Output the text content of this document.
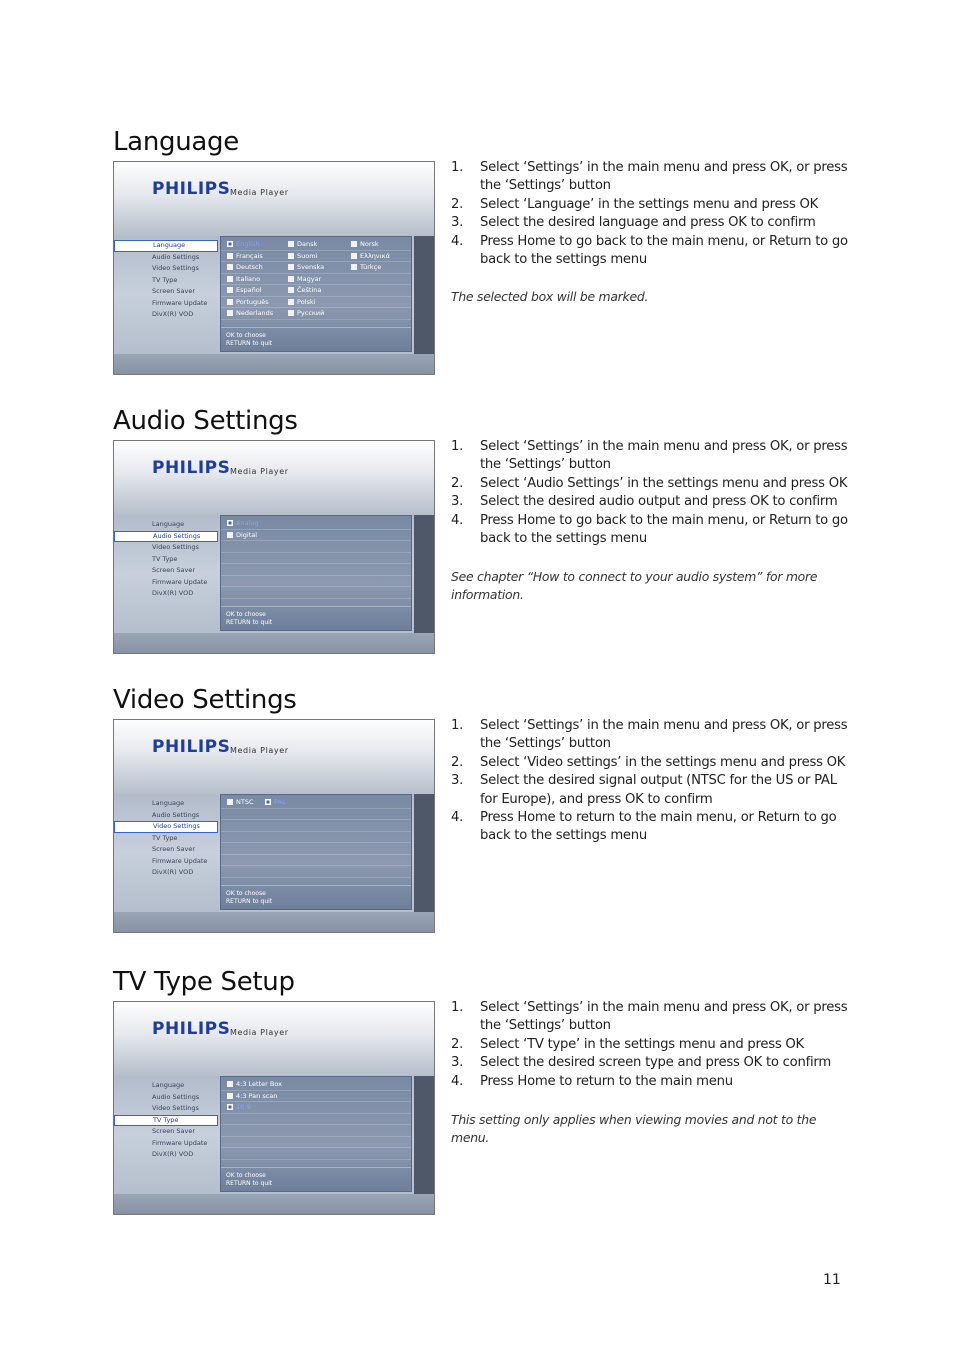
Language
PHILIPS Media Player
Language
Audio Settings
Video Settings
TV Type
Screen Saver
Firmware Update
DivX(R) VOD
English
Français
Deutsch
Italiano
Español
Português
Nederlands
Dansk
Suomi
Svenska
Magyar
Čeština
Polski
Русский
Norsk
Ελληνικά
Türkçe
OK to choose
RETURN to quit
1. Select ‘Settings’ in the main menu and press OK, or press the ‘Settings’ button
2. Select ‘Language’ in the settings menu and press OK
3. Select the desired language and press OK to confirm
4. Press Home to go back to the main menu, or Return to go back to the settings menu
The selected box will be marked.
Audio Settings
PHILIPS Media Player
Language
Audio Settings
Video Settings
TV Type
Screen Saver
Firmware Update
DivX(R) VOD
Analog
Digital
OK to choose
RETURN to quit
1. Select ‘Settings’ in the main menu and press OK, or press the ‘Settings’ button
2. Select ‘Audio Settings’ in the settings menu and press OK
3. Select the desired audio output and press OK to confirm
4. Press Home to go back to the main menu, or Return to go back to the settings menu
See chapter “How to connect to your audio system” for more information.
Video Settings
PHILIPS Media Player
Language
Audio Settings
Video Settings
TV Type
Screen Saver
Firmware Update
DivX(R) VOD
NTSC	PAL
OK to choose
RETURN to quit
1. Select ‘Settings’ in the main menu and press OK, or press the ‘Settings’ button
2. Select ‘Video settings’ in the settings menu and press OK
3. Select the desired signal output (NTSC for the US or PAL for Europe), and press OK to confirm
4. Press Home to return to the main menu, or Return to go back to the settings menu
TV Type Setup
PHILIPS Media Player
Language
Audio Settings
Video Settings
TV Type
Screen Saver
Firmware Update
DivX(R) VOD
4:3 Letter Box
4:3 Pan scan
16:9
OK to choose
RETURN to quit
1. Select ‘Settings’ in the main menu and press OK, or press the ‘Settings’ button
2. Select ‘TV type’ in the settings menu and press OK
3. Select the desired screen type and press OK to confirm
4. Press Home to return to the main menu
This setting only applies when viewing movies and not to the menu.
11
